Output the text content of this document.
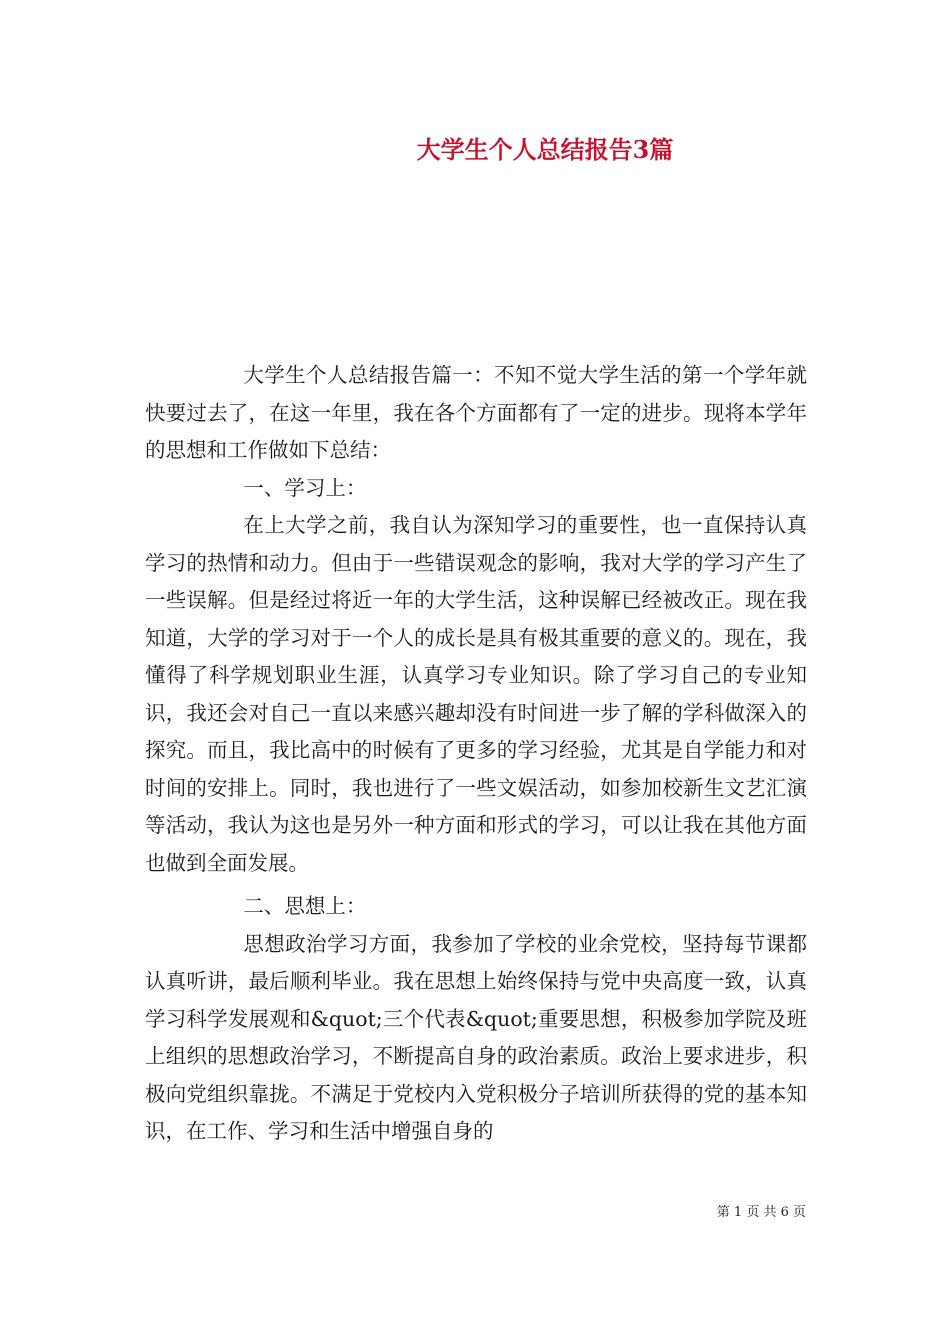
大学生个人总结报告3篇

大学生个人总结报告篇一：不知不觉大学生活的第一个学年就快要过去了，在这一年里，我在各个方面都有了一定的进步。现将本学年的思想和工作做如下总结：

一、学习上：

在上大学之前，我自认为深知学习的重要性，也一直保持认真学习的热情和动力。但由于一些错误观念的影响，我对大学的学习产生了一些误解。但是经过将近一年的大学生活，这种误解已经被改正。现在我知道，大学的学习对于一个人的成长是具有极其重要的意义的。现在，我懂得了科学规划职业生涯，认真学习专业知识。除了学习自己的专业知识，我还会对自己一直以来感兴趣却没有时间进一步了解的学科做深入的探究。而且，我比高中的时候有了更多的学习经验，尤其是自学能力和对时间的安排上。同时，我也进行了一些文娱活动，如参加校新生文艺汇演等活动，我认为这也是另外一种方面和形式的学习，可以让我在其他方面也做到全面发展。

二、思想上：

思想政治学习方面，我参加了学校的业余党校，坚持每节课都认真听讲，最后顺利毕业。我在思想上始终保持与党中央高度一致，认真学习科学发展观和&quot;三个代表&quot;重要思想，积极参加学院及班上组织的思想政治学习，不断提高自身的政治素质。政治上要求进步，积极向党组织靠拢。不满足于党校内入党积极分子培训所获得的党的基本知识，在工作、学习和生活中增强自身的

第 1 页 共 6 页
